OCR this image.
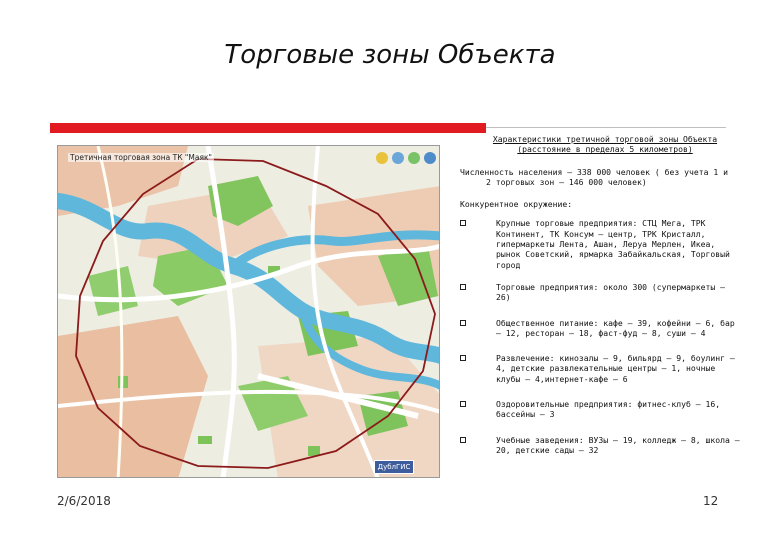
Торговые зоны Объекта
Третичная торговая зона ТК "Маяк"
ДублГИС
Характеристики третичной торговой зоны Объекта (расстояние в пределах 5 километров)
Численность населения – 338 000 человек ( без учета 1 и 2 торговых зон – 146 000 человек)
Конкурентное окружение:
Крупные торговые предприятия: СТЦ Мега, ТРК Континент, ТК Консум – центр, ТРК Кристалл, гипермаркеты Лента, Ашан, Леруа Мерлен, Икеа, рынок Советский, ярмарка Забайкальская, Торговый город
Торговые предприятия: около 300 (супермаркеты – 26)
Общественное питание: кафе – 39, кофейни – 6, бар – 12, ресторан – 18, фаст-фуд – 8, суши – 4
Развлечение: кинозалы – 9, бильярд – 9, боулинг – 4, детские развлекательные центры – 1, ночные клубы – 4,интернет-кафе – 6
Оздоровительные предприятия: фитнес-клуб – 16, бассейны – 3
Учебные заведения: ВУЗы – 19, колледж – 8, школа – 20, детские сады – 32
2/6/2018	12
